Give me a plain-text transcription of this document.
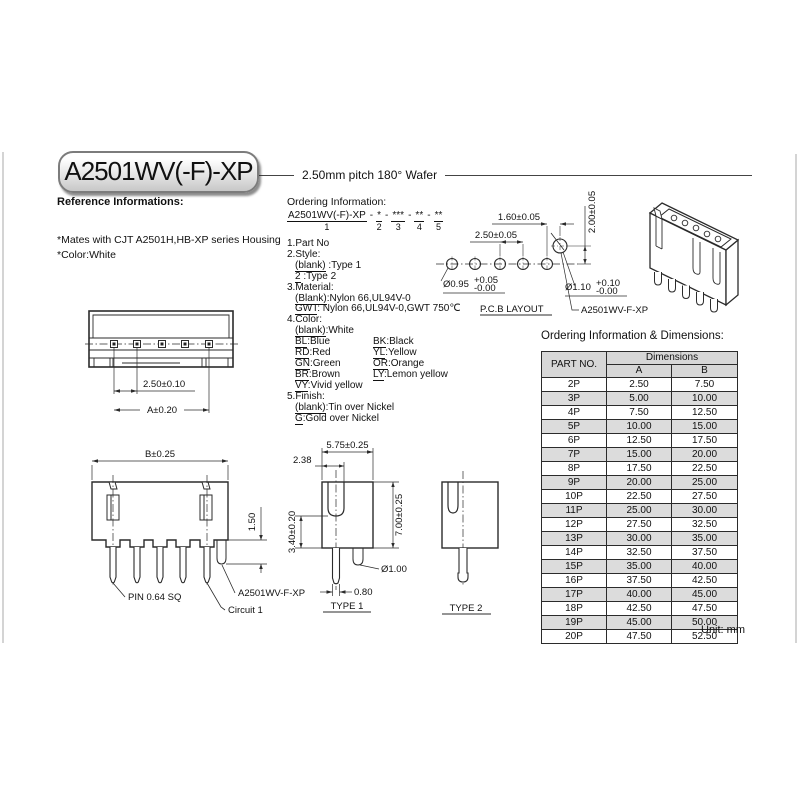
A2501WV(-F)-XP	2.50mm pitch 180° Wafer
Reference Informations:
*Mates with CJT A2501H,HB-XP series Housing
*Color:White
Ordering Information:
A2501WV(-F)-XP
1
- *
2
- ***
3
- **
4
- **
5
1.Part No
2.Style:
(blank) :Type 1
2 :Type 2
3.Material:
(Blank):Nylon 66,UL94V-0
GWT: Nylon 66,UL94V-0,GWT 750℃
4.Color:
(blank):White
BL:Blue	BK:Black
RD:Red	YL:Yellow
GN:Green	OR:Orange
BR:Brown	LY:Lemon yellow
VY:Vivid yellow
5.Finish:
(blank):Tin over Nickel
G:Gold over Nickel
1.60±0.05
2.50±0.05
2.00±0.05
Ø0.95 +0.05
-0.00	Ø1.10 +0.10
-0.00
P.C.B LAYOUT	A2501WV-F-XP
2.50±0.10
A±0.20
B±0.25
1.50
PIN 0.64 SQ
Circuit 1
A2501WV-F-XP
5.75±0.25
2.38
3.40±0.20	7.00±0.25
Ø1.00
0.80
TYPE 1	TYPE 2
Ordering Information & Dimensions:
PART NO.	Dimensions	
	A	B
2P	2.50	7.50
3P	5.00	10.00
4P	7.50	12.50
5P	10.00	15.00
6P	12.50	17.50
7P	15.00	20.00
8P	17.50	22.50
9P	20.00	25.00
10P	22.50	27.50
11P	25.00	30.00
12P	27.50	32.50
13P	30.00	35.00
14P	32.50	37.50
15P	35.00	40.00
16P	37.50	42.50
17P	40.00	45.00
18P	42.50	47.50
19P	45.00	50.00
20P	47.50	52.50
Unit: mm
